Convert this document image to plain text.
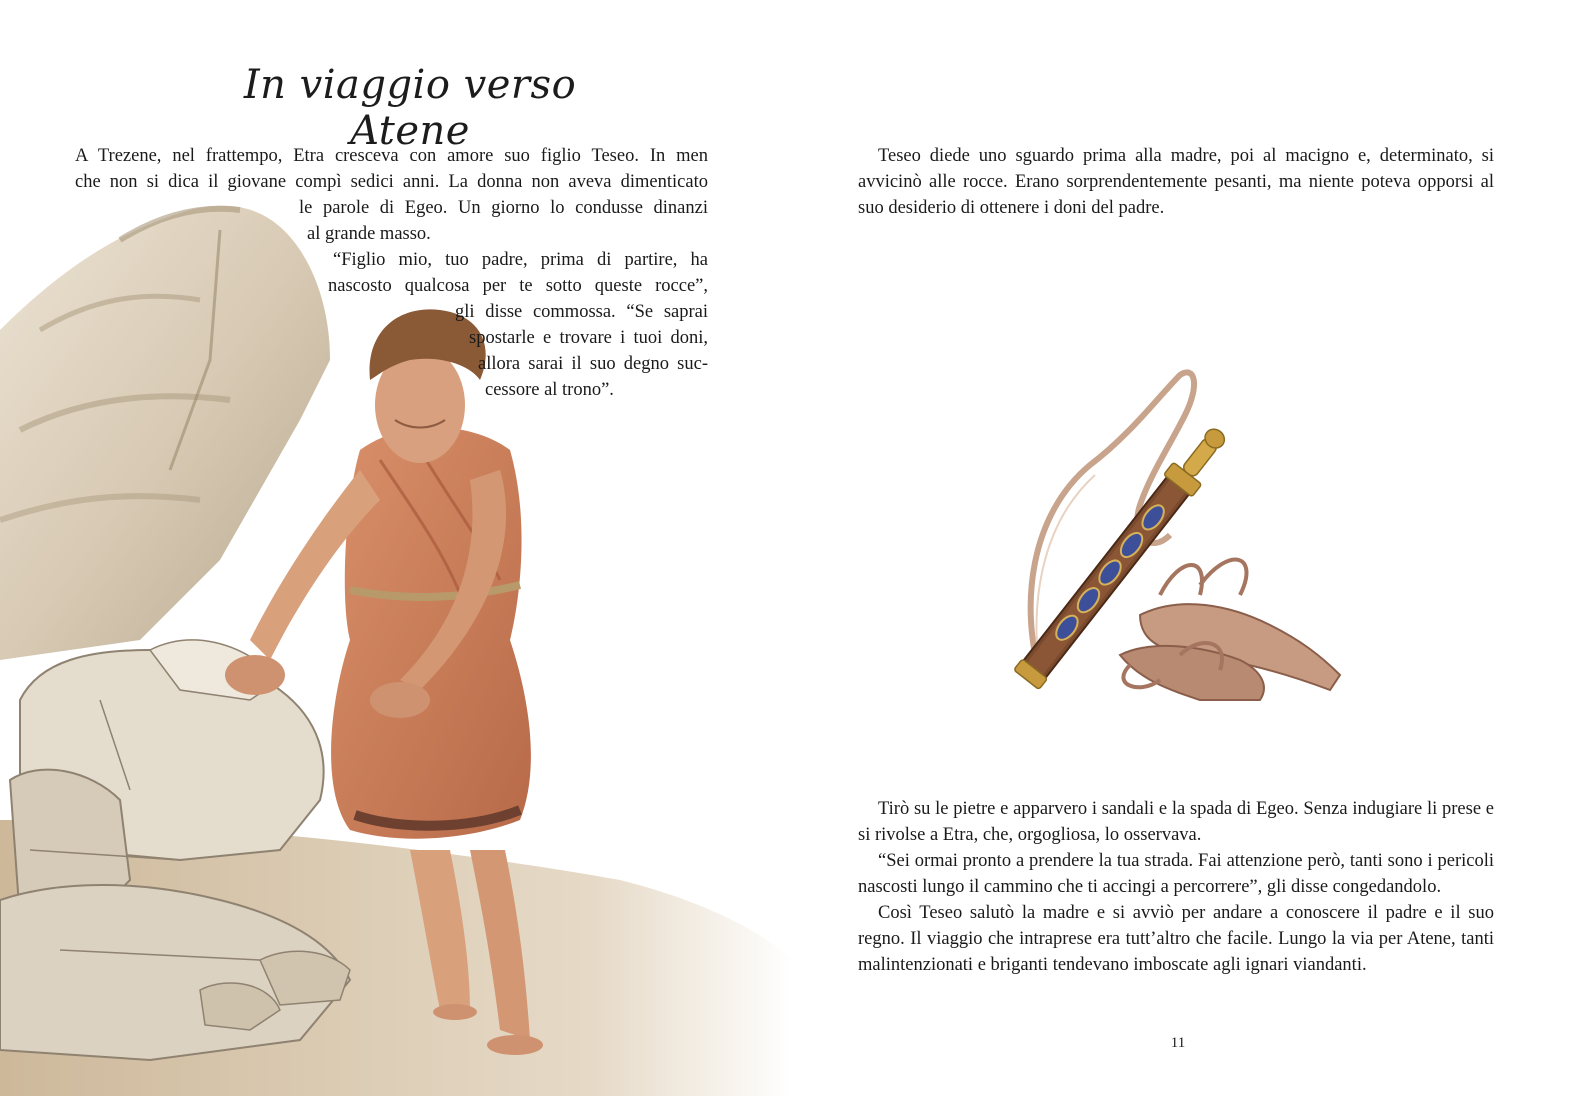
In viaggio verso Atene
A Trezene, nel frattempo, Etra cresceva con amore suo figlio Teseo. In men
che non si dica il giovane compì sedici anni. La donna non aveva dimenticato
le parole di Egeo. Un giorno lo condusse dinanzi
al grande masso.
“Figlio mio, tuo padre, prima di partire, ha
nascosto qualcosa per te sotto queste rocce”,
gli disse commossa. “Se saprai
spostarle e trovare i tuoi doni,
allora sarai il suo degno suc-
cessore al trono”.

Teseo diede uno sguardo prima alla madre, poi al macigno e, determinato, si avvicinò alle rocce. Erano sorprendentemente pesanti, ma niente poteva opporsi al suo desiderio di ottenere i doni del padre.

Tirò su le pietre e apparvero i sandali e la spada di Egeo. Senza indugiare li prese e si rivolse a Etra, che, orgogliosa, lo osservava.

“Sei ormai pronto a prendere la tua strada. Fai attenzione però, tanti sono i pericoli nascosti lungo il cammino che ti accingi a percorrere”, gli disse congedandolo.

Così Teseo salutò la madre e si avviò per andare a conoscere il padre e il suo regno. Il viaggio che intraprese era tutt’altro che facile. Lungo la via per Atene, tanti malintenzionati e briganti tendevano imboscate agli ignari viandanti.

11
